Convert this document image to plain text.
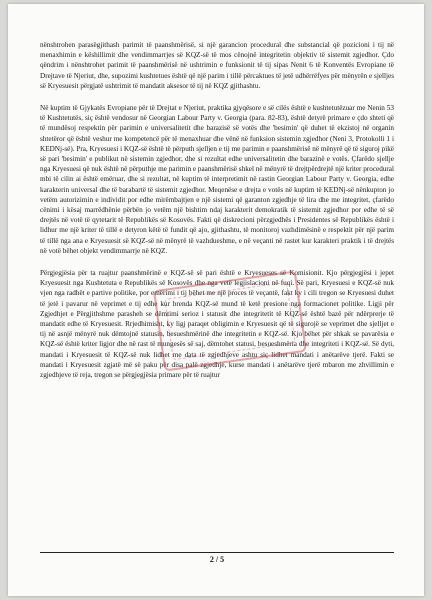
nënshtrohen parasëgjithash parimit të paanshmërisë, si një garancion procedural dhe substancial që pozicioni i tij në menaxhimin e këshillimit dhe vendimmarrjes së KQZ-së të mos cënojnë integritetin objektiv të sistemit zgjedhor. Çdo qëndrim i nënshtrohet parimit të paanshmërisë në ushtrimin e funksionit të tij sipas Nenit 6 të Konventës Evropiane të Drejtave të Njeriut, dhe, supozimi kushtetues është që një parim i tillë përcaktues të jetë udhërrëfyes për mënyrën e sjelljes së Kryesuesit përgjatë ushtrimit të mandatit aksesor të tij në KQZ gjithashtu.

Në kuptim të Gjykatës Evropiane për të Drejtat e Njeriut, praktika gjyqësore e së cilës është e kushtetutëzuar me Nenin 53 të Kushtetutës, siç është vendosur në Georgian Labour Party v. Georgia (para. 82-83), është detyrë primare e çdo shteti që të mundësoj respektin për parimin e universalitetit dhe barazisë së votës dhe 'besimin' që duhet të ekzistoj në organin shtetëror që është veshur me kompetencë për të menaxhuar dhe vënë në funksion sistemin zgjedhor (Neni 3, Protokolli 1 i KEDNj-së). Pra, Kryesuesi i KQZ-së është të përputh sjelljen e tij me parimin e paanshmërisë në mënyrë që të siguroj pikë së pari 'besimin' e publikut në sistemin zgjedhor, dhe si rezultat edhe universalitetin dhe barazinë e votës. Çfarëdo sjellje nga Kryesuesi që nuk është në përputhje me parimin e paanshmërisë shkel në mënyrë të drejtpërdrejtë një kriter procedural mbi të cilin ai është emëruar, dhe si rezultat, në kuptim të interpretimit në rastin Georgian Labour Party v. Georgia, edhe karakterin universal dhe të barabartë të sistemit zgjedhor. Meqenëse e drejta e votës në kuptim të KEDNj-së nënkupton jo vetëm autorizimin e individit por edhe mirëmbajtjen e një sistemi që garanton zgjedhje të lira dhe me integritet, çfarëdo cënimi i kësaj marrëdhënie përbën jo vetëm një bishtim ndaj karakterit demokratik të sistemit zgjedhor por edhe të së drejtës në votë të qytetarit të Republikës së Kosovës. Fakti që diskrecioni përzgjedhës i Presidentes së Republikës është i lidhur me një kriter të tillë e detyron këtë të fundit që ajo, gjithashtu, të monitoroj vazhdimësinë e respektit për një parim të tillë nga ana e Kryesuesit së KQZ-së në mënyrë të vazhdueshme, e në veçanti në rastet kur karakteri praktik i të drejtës në votë bëhet objekt vendimmarrje në KQZ.

Përgjegjësia për ta ruajtur paanshmërinë e KQZ-së së pari është e Kryesueses së Komisionit. Kjo përgjegjësi i jepet Kryesuesit nga Kushtetuta e Republikës së Kosovës dhe nga vetë legjislacioni në fuqi. Së pari, Kryesuesi e KQZ-së nuk vjen nga radhët e partive politike, por emërimi i tij bëhet me një proces të veçantë, fakt ky i cili tregon se Kryesuesi duhet të jetë i pavarur në veprimet e tij edhe kur brenda KQZ-së mund të ketë presione nga formacionet politike. Ligji për Zgjedhjet e Përgjithshme parasheh se dëmtimi serioz i statusit dhe integritetit të KQZ-së është bazë për ndërprerje të mandatit edhe të Kryesuesit. Rrjedhimisht, ky ligj paraqet obligimin e Kryesuesit që të sigurojë se veprimet dhe sjelljet e tij në asnjë mënyrë nuk dëmtojnë statusin, besueshmërinë dhe integritetin e KQZ-së. Kjo bëhet për shkak se pavarësia e KQZ-së është kriter ligjor dhe në rast të mungesës së saj, dëmtohet statusi, besueshmëria dhe integriteti i KQZ-së. Së dyti, mandati i Kryesuesit të KQZ-së nuk lidhet me data të zgjedhjeve ashtu siç lidhet mandati i anëtarëve tjerë. Fakti se mandati i Kryesuesit zgjatë më së paku për disa palë zgjedhje, kurse mandati i anëtarëve tjerë mbaron me zhvillimin e zgjedhjeve të reja, tregon se përgjegjësia primare për të ruajtur

2 / 5
